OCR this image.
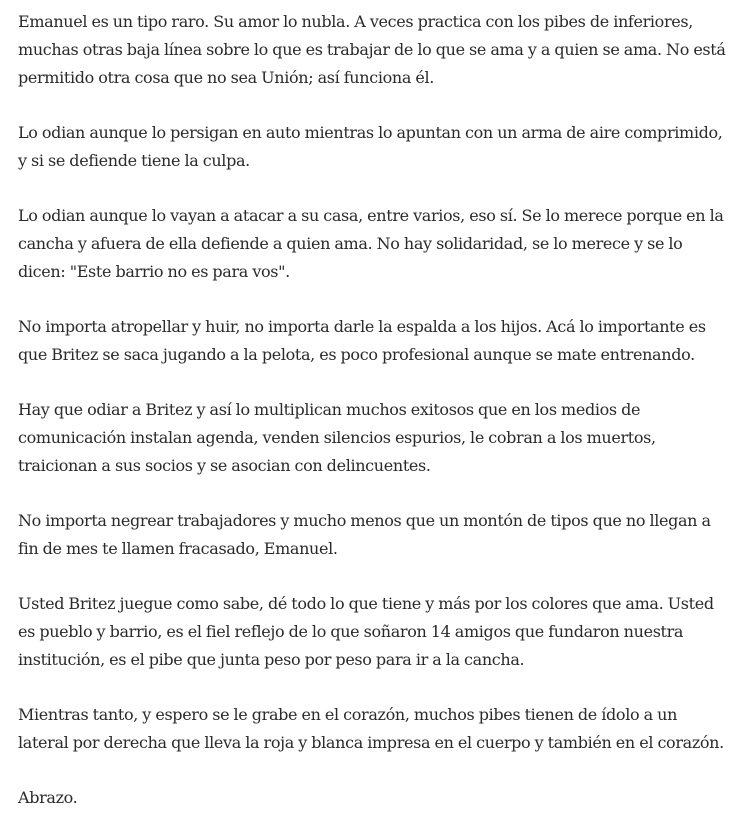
Emanuel es un tipo raro. Su amor lo nubla. A veces practica con los pibes de inferiores, muchas otras baja línea sobre lo que es trabajar de lo que se ama y a quien se ama. No está permitido otra cosa que no sea Unión; así funciona él.

Lo odian aunque lo persigan en auto mientras lo apuntan con un arma de aire comprimido, y si se defiende tiene la culpa.

Lo odian aunque lo vayan a atacar a su casa, entre varios, eso sí. Se lo merece porque en la cancha y afuera de ella defiende a quien ama. No hay solidaridad, se lo merece y se lo dicen: "Este barrio no es para vos".

No importa atropellar y huir, no importa darle la espalda a los hijos. Acá lo importante es que Britez se saca jugando a la pelota, es poco profesional aunque se mate entrenando.

Hay que odiar a Britez y así lo multiplican muchos exitosos que en los medios de comunicación instalan agenda, venden silencios espurios, le cobran a los muertos, traicionan a sus socios y se asocian con delincuentes.

No importa negrear trabajadores y mucho menos que un montón de tipos que no llegan a fin de mes te llamen fracasado, Emanuel.

Usted Britez juegue como sabe, dé todo lo que tiene y más por los colores que ama. Usted es pueblo y barrio, es el fiel reflejo de lo que soñaron 14 amigos que fundaron nuestra institución, es el pibe que junta peso por peso para ir a la cancha.

Mientras tanto, y espero se le grabe en el corazón, muchos pibes tienen de ídolo a un lateral por derecha que lleva la roja y blanca impresa en el cuerpo y también en el corazón.

Abrazo.
